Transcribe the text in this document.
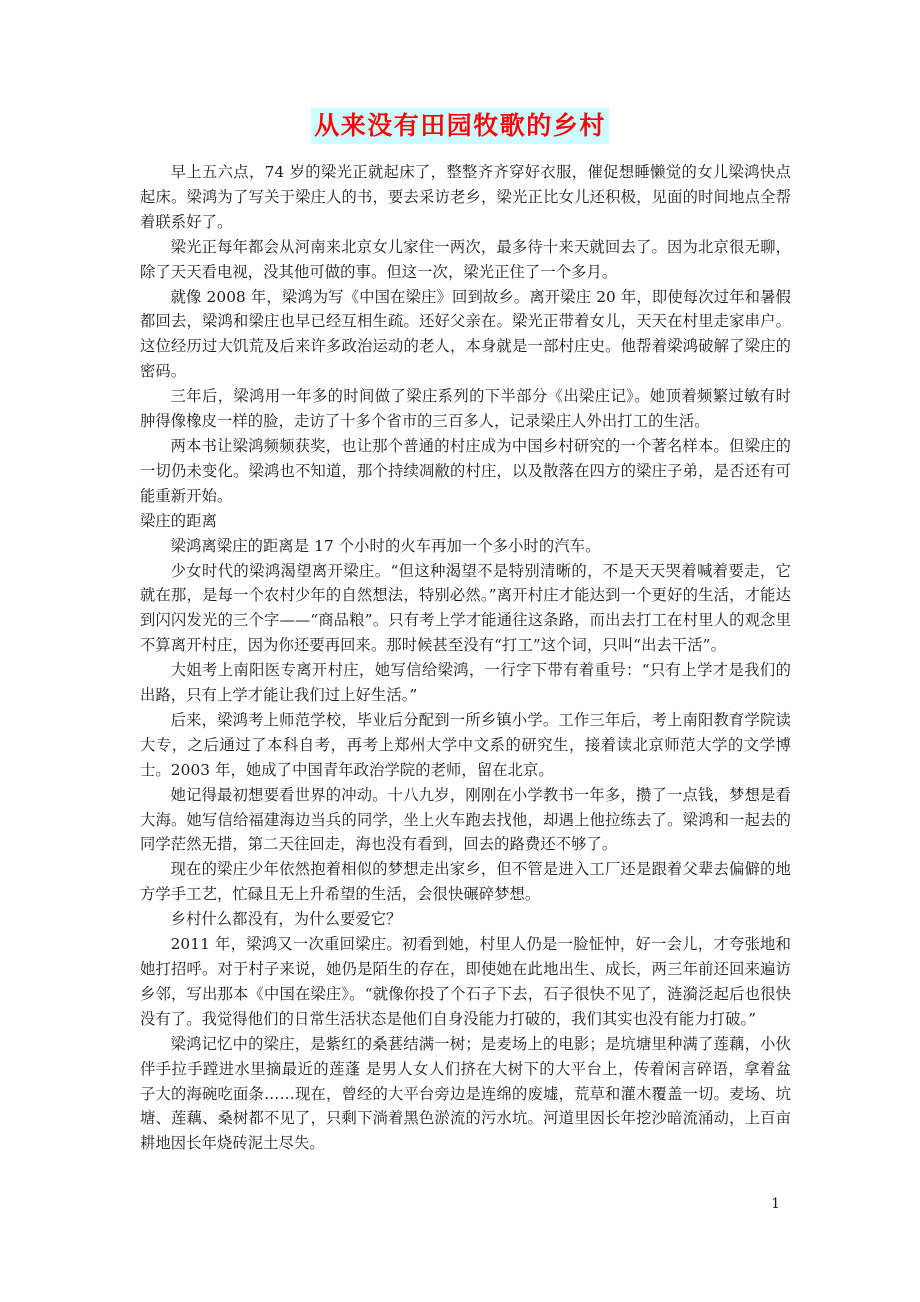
从来没有田园牧歌的乡村

早上五六点，74 岁的梁光正就起床了，整整齐齐穿好衣服，催促想睡懒觉的女儿梁鸿快点起床。梁鸿为了写关于梁庄人的书，要去采访老乡，梁光正比女儿还积极，见面的时间地点全帮着联系好了。

梁光正每年都会从河南来北京女儿家住一两次，最多待十来天就回去了。因为北京很无聊，除了天天看电视，没其他可做的事。但这一次，梁光正住了一个多月。

就像 2008 年，梁鸿为写《中国在梁庄》回到故乡。离开梁庄 20 年，即使每次过年和暑假都回去，梁鸿和梁庄也早已经互相生疏。还好父亲在。梁光正带着女儿，天天在村里走家串户。这位经历过大饥荒及后来许多政治运动的老人，本身就是一部村庄史。他帮着梁鸿破解了梁庄的密码。

三年后，梁鸿用一年多的时间做了梁庄系列的下半部分《出梁庄记》。她顶着频繁过敏有时肿得像橡皮一样的脸，走访了十多个省市的三百多人，记录梁庄人外出打工的生活。

两本书让梁鸿频频获奖，也让那个普通的村庄成为中国乡村研究的一个著名样本。但梁庄的一切仍未变化。梁鸿也不知道，那个持续凋敝的村庄，以及散落在四方的梁庄子弟，是否还有可能重新开始。

梁庄的距离

梁鸿离梁庄的距离是 17 个小时的火车再加一个多小时的汽车。

少女时代的梁鸿渴望离开梁庄。“但这种渴望不是特别清晰的，不是天天哭着喊着要走，它就在那，是每一个农村少年的自然想法，特别必然。”离开村庄才能达到一个更好的生活，才能达到闪闪发光的三个字——“商品粮”。只有考上学才能通往这条路，而出去打工在村里人的观念里不算离开村庄，因为你还要再回来。那时候甚至没有“打工”这个词，只叫“出去干活”。

大姐考上南阳医专离开村庄，她写信给梁鸿，一行字下带有着重号：“只有上学才是我们的出路，只有上学才能让我们过上好生活。”

后来，梁鸿考上师范学校，毕业后分配到一所乡镇小学。工作三年后，考上南阳教育学院读大专，之后通过了本科自考，再考上郑州大学中文系的研究生，接着读北京师范大学的文学博士。2003 年，她成了中国青年政治学院的老师，留在北京。

她记得最初想要看世界的冲动。十八九岁，刚刚在小学教书一年多，攒了一点钱，梦想是看大海。她写信给福建海边当兵的同学，坐上火车跑去找他，却遇上他拉练去了。梁鸿和一起去的同学茫然无措，第二天往回走，海也没有看到，回去的路费还不够了。

现在的梁庄少年依然抱着相似的梦想走出家乡，但不管是进入工厂还是跟着父辈去偏僻的地方学手工艺，忙碌且无上升希望的生活，会很快碾碎梦想。

乡村什么都没有，为什么要爱它？

2011 年，梁鸿又一次重回梁庄。初看到她，村里人仍是一脸怔忡，好一会儿，才夸张地和她打招呼。对于村子来说，她仍是陌生的存在，即使她在此地出生、成长，两三年前还回来遍访乡邻，写出那本《中国在梁庄》。“就像你投了个石子下去，石子很快不见了，涟漪泛起后也很快没有了。我觉得他们的日常生活状态是他们自身没能力打破的，我们其实也没有能力打破。”

梁鸿记忆中的梁庄，是紫红的桑葚结满一树；是麦场上的电影；是坑塘里种满了莲藕，小伙伴手拉手蹚进水里摘最近的莲蓬 是男人女人们挤在大树下的大平台上，传着闲言碎语，拿着盆子大的海碗吃面条……现在，曾经的大平台旁边是连绵的废墟，荒草和灌木覆盖一切。麦场、坑塘、莲藕、桑树都不见了，只剩下淌着黑色淤流的污水坑。河道里因长年挖沙暗流涌动，上百亩耕地因长年烧砖泥土尽失。

1
